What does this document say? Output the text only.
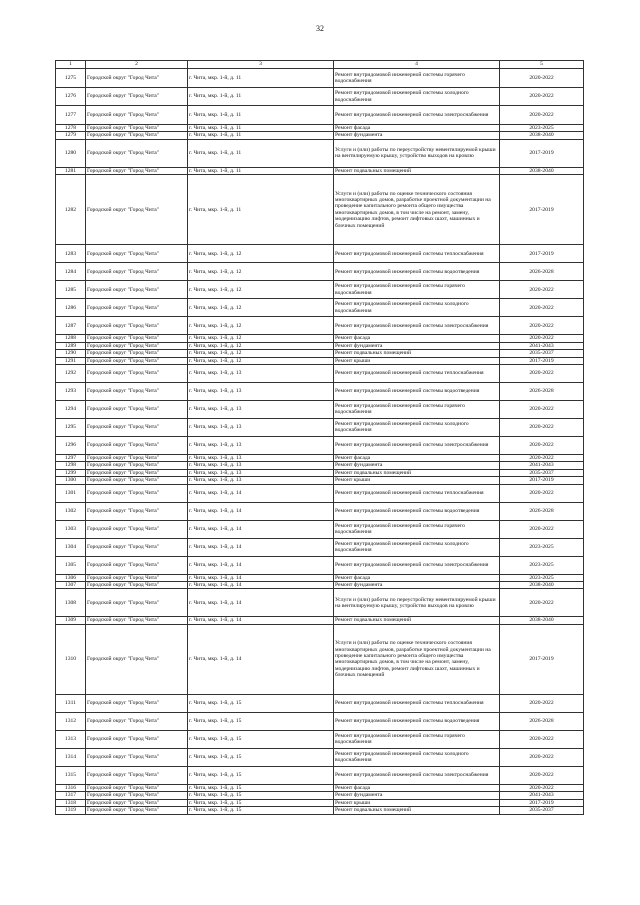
32
1	2	3	4	5
1275	Городской округ "Город Чита"	г. Чита, мкр. 1-й, д. 11	Ремонт внутридомовой инженерной системы горячего водоснабжения	2020-2022
1276	Городской округ "Город Чита"	г. Чита, мкр. 1-й, д. 11	Ремонт внутридомовой инженерной системы холодного водоснабжения	2020-2022
1277	Городской округ "Город Чита"	г. Чита, мкр. 1-й, д. 11	Ремонт внутридомовой инженерной системы электроснабжения	2020-2022
1278	Городской округ "Город Чита"	г. Чита, мкр. 1-й, д. 11	Ремонт фасада	2023-2025
1279	Городской округ "Город Чита"	г. Чита, мкр. 1-й, д. 11	Ремонт фундамента	2038-2040
1280	Городской округ "Город Чита"	г. Чита, мкр. 1-й, д. 11	Услуги и (или) работы по переустройству невентилируемой крыши на вентилируемую крышу, устройство выходов на кровлю	2017-2019
1281	Городской округ "Город Чита"	г. Чита, мкр. 1-й, д. 11	Ремонт подвальных помещений	2038-2040
1282	Городской округ "Город Чита"	г. Чита, мкр. 1-й, д. 11	Услуги и (или) работы по оценке технического состояния многоквартирных домов, разработке проектной документации на проведение капитального ремонта общего имущества многоквартирных домов, в том числе на ремонт, замену, модернизацию лифтов, ремонт лифтовых шахт, машинных и блочных помещений	2017-2019
1283	Городской округ "Город Чита"	г. Чита, мкр. 1-й, д. 12	Ремонт внутридомовой инженерной системы теплоснабжения	2017-2019
1284	Городской округ "Город Чита"	г. Чита, мкр. 1-й, д. 12	Ремонт внутридомовой инженерной системы водоотведения	2026-2028
1285	Городской округ "Город Чита"	г. Чита, мкр. 1-й, д. 12	Ремонт внутридомовой инженерной системы горячего водоснабжения	2020-2022
1286	Городской округ "Город Чита"	г. Чита, мкр. 1-й, д. 12	Ремонт внутридомовой инженерной системы холодного водоснабжения	2020-2022
1287	Городской округ "Город Чита"	г. Чита, мкр. 1-й, д. 12	Ремонт внутридомовой инженерной системы электроснабжения	2020-2022
1288	Городской округ "Город Чита"	г. Чита, мкр. 1-й, д. 12	Ремонт фасада	2020-2022
1289	Городской округ "Город Чита"	г. Чита, мкр. 1-й, д. 12	Ремонт фундамента	2041-2043
1290	Городской округ "Город Чита"	г. Чита, мкр. 1-й, д. 12	Ремонт подвальных помещений	2035-2037
1291	Городской округ "Город Чита"	г. Чита, мкр. 1-й, д. 12	Ремонт крыши	2017-2019
1292	Городской округ "Город Чита"	г. Чита, мкр. 1-й, д. 13	Ремонт внутридомовой инженерной системы теплоснабжения	2020-2022
1293	Городской округ "Город Чита"	г. Чита, мкр. 1-й, д. 13	Ремонт внутридомовой инженерной системы водоотведения	2026-2028
1294	Городской округ "Город Чита"	г. Чита, мкр. 1-й, д. 13	Ремонт внутридомовой инженерной системы горячего водоснабжения	2020-2022
1295	Городской округ "Город Чита"	г. Чита, мкр. 1-й, д. 13	Ремонт внутридомовой инженерной системы холодного водоснабжения	2020-2022
1296	Городской округ "Город Чита"	г. Чита, мкр. 1-й, д. 13	Ремонт внутридомовой инженерной системы электроснабжения	2020-2022
1297	Городской округ "Город Чита"	г. Чита, мкр. 1-й, д. 13	Ремонт фасада	2020-2022
1298	Городской округ "Город Чита"	г. Чита, мкр. 1-й, д. 13	Ремонт фундамента	2041-2043
1299	Городской округ "Город Чита"	г. Чита, мкр. 1-й, д. 13	Ремонт подвальных помещений	2035-2037
1300	Городской округ "Город Чита"	г. Чита, мкр. 1-й, д. 13	Ремонт крыши	2017-2019
1301	Городской округ "Город Чита"	г. Чита, мкр. 1-й, д. 14	Ремонт внутридомовой инженерной системы теплоснабжения	2020-2022
1302	Городской округ "Город Чита"	г. Чита, мкр. 1-й, д. 14	Ремонт внутридомовой инженерной системы водоотведения	2026-2028
1303	Городской округ "Город Чита"	г. Чита, мкр. 1-й, д. 14	Ремонт внутридомовой инженерной системы горячего водоснабжения	2020-2022
1304	Городской округ "Город Чита"	г. Чита, мкр. 1-й, д. 14	Ремонт внутридомовой инженерной системы холодного водоснабжения	2023-2025
1305	Городской округ "Город Чита"	г. Чита, мкр. 1-й, д. 14	Ремонт внутридомовой инженерной системы электроснабжения	2023-2025
1306	Городской округ "Город Чита"	г. Чита, мкр. 1-й, д. 14	Ремонт фасада	2023-2025
1307	Городской округ "Город Чита"	г. Чита, мкр. 1-й, д. 14	Ремонт фундамента	2038-2040
1308	Городской округ "Город Чита"	г. Чита, мкр. 1-й, д. 14	Услуги и (или) работы по переустройству невентилируемой крыши на вентилируемую крышу, устройство выходов на кровлю	2020-2022
1309	Городской округ "Город Чита"	г. Чита, мкр. 1-й, д. 14	Ремонт подвальных помещений	2038-2040
1310	Городской округ "Город Чита"	г. Чита, мкр. 1-й, д. 14	Услуги и (или) работы по оценке технического состояния многоквартирных домов, разработке проектной документации на проведение капитального ремонта общего имущества многоквартирных домов, в том числе на ремонт, замену, модернизацию лифтов, ремонт лифтовых шахт, машинных и блочных помещений	2017-2019
1311	Городской округ "Город Чита"	г. Чита, мкр. 1-й, д. 15	Ремонт внутридомовой инженерной системы теплоснабжения	2020-2022
1312	Городской округ "Город Чита"	г. Чита, мкр. 1-й, д. 15	Ремонт внутридомовой инженерной системы водоотведения	2026-2028
1313	Городской округ "Город Чита"	г. Чита, мкр. 1-й, д. 15	Ремонт внутридомовой инженерной системы горячего водоснабжения	2020-2022
1314	Городской округ "Город Чита"	г. Чита, мкр. 1-й, д. 15	Ремонт внутридомовой инженерной системы холодного водоснабжения	2020-2022
1315	Городской округ "Город Чита"	г. Чита, мкр. 1-й, д. 15	Ремонт внутридомовой инженерной системы электроснабжения	2020-2022
1316	Городской округ "Город Чита"	г. Чита, мкр. 1-й, д. 15	Ремонт фасада	2020-2022
1317	Городской округ "Город Чита"	г. Чита, мкр. 1-й, д. 15	Ремонт фундамента	2041-2043
1318	Городской округ "Город Чита"	г. Чита, мкр. 1-й, д. 15	Ремонт крыши	2017-2019
1319	Городской округ "Город Чита"	г. Чита, мкр. 1-й, д. 15	Ремонт подвальных помещений	2035-2037
